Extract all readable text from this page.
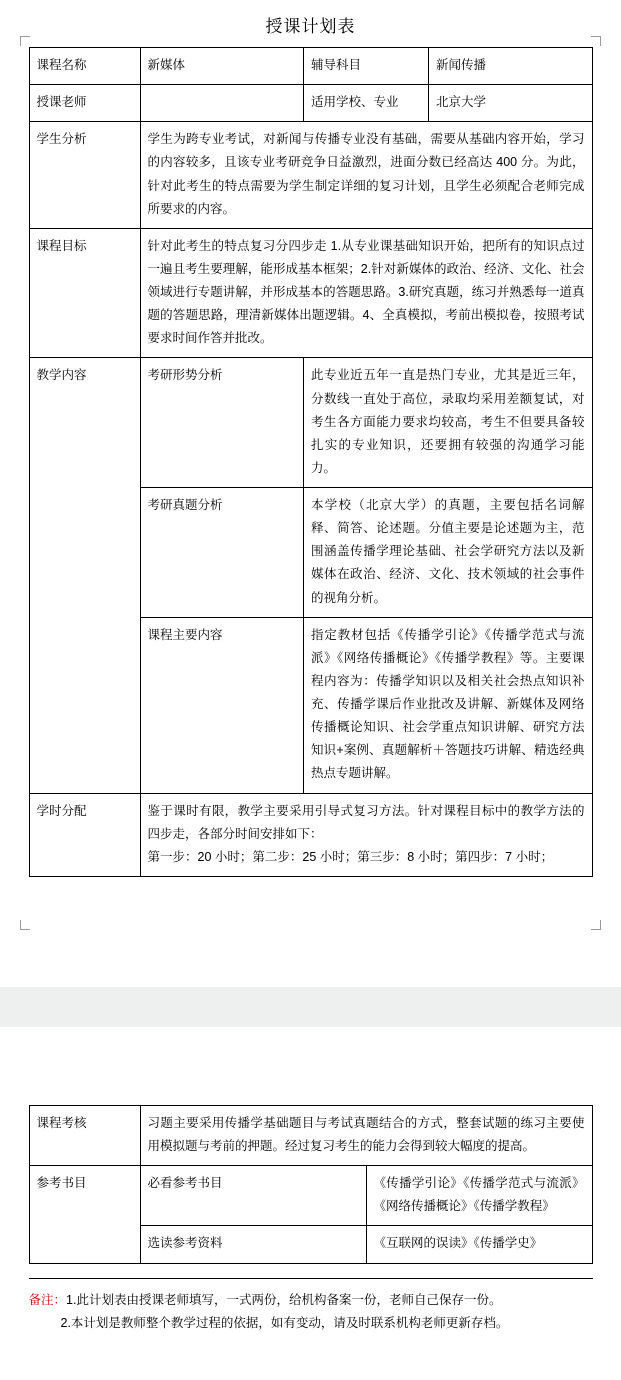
授课计划表
课程名称	新媒体	辅导科目	新闻传播
授课老师		适用学校、专业	北京大学
学生分析	学生为跨专业考试，对新闻与传播专业没有基础，需要从基础内容开始，学习的内容较多，且该专业考研竞争日益激烈，进面分数已经高达 400 分。为此，针对此考生的特点需要为学生制定详细的复习计划，且学生必须配合老师完成所要求的内容。		

课程目标	针对此考生的特点复习分四步走 1.从专业课基础知识开始，把所有的知识点过一遍且考生要理解，能形成基本框架；2.针对新媒体的政治、经济、文化、社会领域进行专题讲解，并形成基本的答题思路。3.研究真题，练习并熟悉每一道真题的答题思路，理清新媒体出题逻辑。4、全真模拟，考前出模拟卷，按照考试要求时间作答并批改。		

教学内容	考研形势分析	此专业近五年一直是热门专业，尤其是近三年，分数线一直处于高位，录取均采用差额复试，对考生各方面能力要求均较高，考生不但要具备较扎实的专业知识，还要拥有较强的沟通学习能力。	

	考研真题分析	本学校（北京大学）的真题，主要包括名词解释、简答、论述题。分值主要是论述题为主，范围涵盖传播学理论基础、社会学研究方法以及新媒体在政治、经济、文化、技术领域的社会事件的视角分析。	

	课程主要内容	指定教材包括《传播学引论》《传播学范式与流派》《网络传播概论》《传播学教程》等。主要课程内容为：传播学知识以及相关社会热点知识补充、传播学课后作业批改及讲解、新媒体及网络传播概论知识、社会学重点知识讲解、研究方法知识+案例、真题解析＋答题技巧讲解、精选经典热点专题讲解。	

学时分配	鉴于课时有限，教学主要采用引导式复习方法。针对课程目标中的教学方法的四步走，各部分时间安排如下：
第一步：20 小时；第二步：25 小时；第三步：8 小时；第四步：7 小时；		
课程考核	习题主要采用传播学基础题目与考试真题结合的方式，整套试题的练习主要使用模拟题与考前的押题。经过复习考生的能力会得到较大幅度的提高。	

参考书目	必看参考书目	《传播学引论》《传播学范式与流派》《网络传播概论》《传播学教程》

	选读参考资料	《互联网的误读》《传播学史》
备注：1.此计划表由授课老师填写，一式两份，给机构备案一份，老师自己保存一份。
2.本计划是教师整个教学过程的依据，如有变动，请及时联系机构老师更新存档。
